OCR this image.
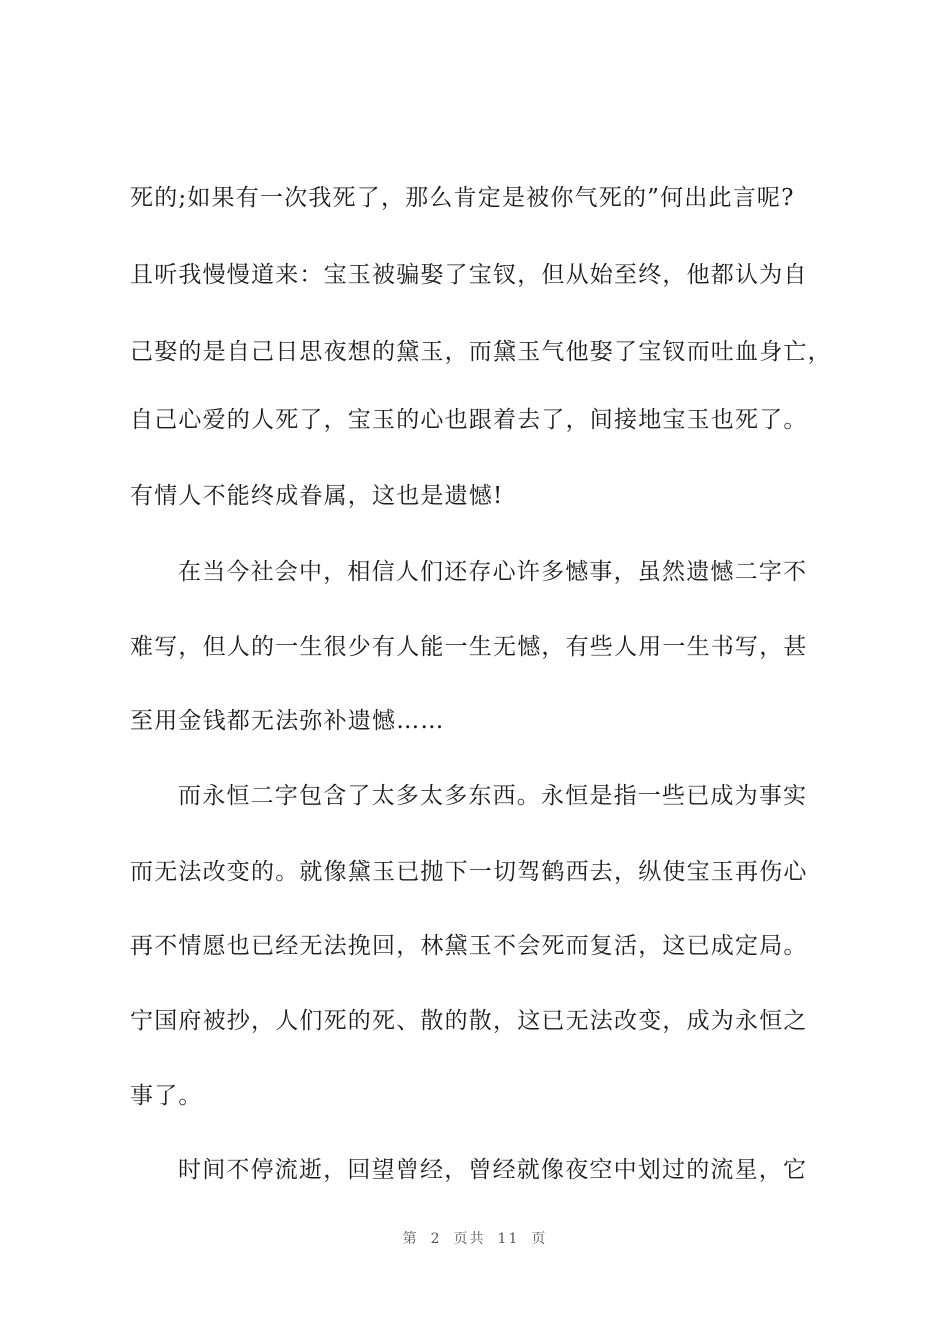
死的;如果有一次我死了，那么肯定是被你气死的”何出此言呢?
且听我慢慢道来：宝玉被骗娶了宝钗，但从始至终，他都认为自
己娶的是自己日思夜想的黛玉，而黛玉气他娶了宝钗而吐血身亡，
自己心爱的人死了，宝玉的心也跟着去了，间接地宝玉也死了。
有情人不能终成眷属，这也是遗憾!
在当今社会中，相信人们还存心许多憾事，虽然遗憾二字不
难写，但人的一生很少有人能一生无憾，有些人用一生书写，甚
至用金钱都无法弥补遗憾……
而永恒二字包含了太多太多东西。永恒是指一些已成为事实
而无法改变的。就像黛玉已抛下一切驾鹤西去，纵使宝玉再伤心
再不情愿也已经无法挽回，林黛玉不会死而复活，这已成定局。
宁国府被抄，人们死的死、散的散，这已无法改变，成为永恒之
事了。
时间不停流逝，回望曾经，曾经就像夜空中划过的流星，它
第 2 页共 11 页
